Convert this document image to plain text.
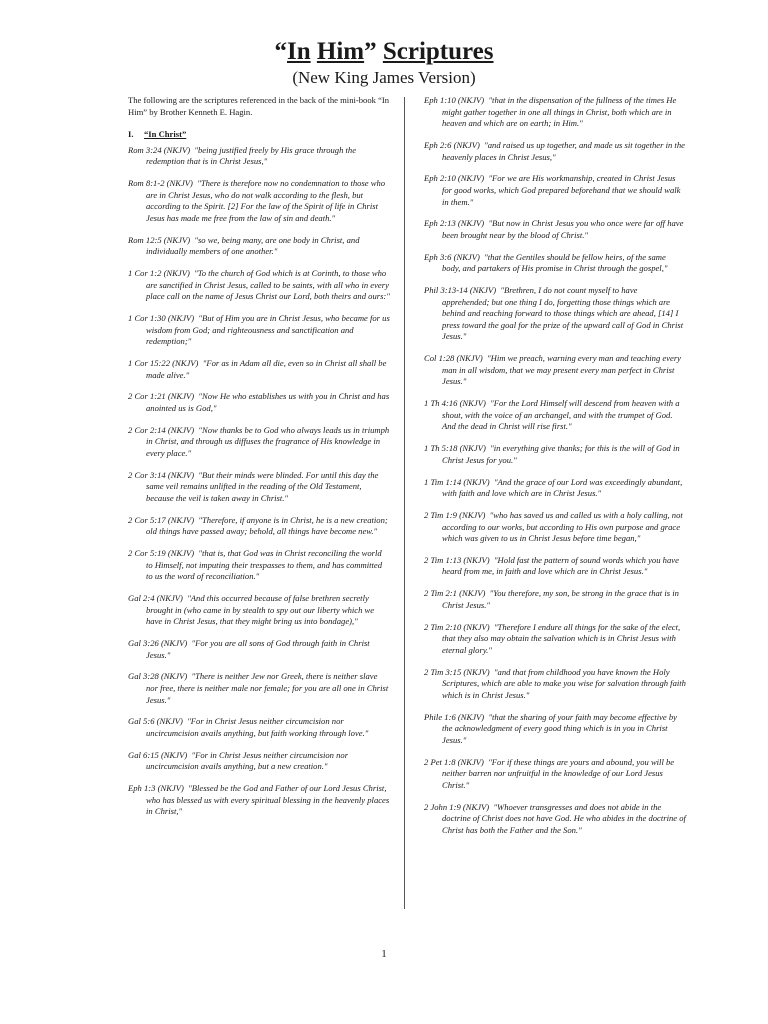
“In Him” Scriptures
(New King James Version)
The following are the scriptures referenced in the back of the mini-book “In Him” by Brother Kenneth E. Hagin.
I. “In Christ”
Rom 3:24 (NKJV) "being justified freely by His grace through the redemption that is in Christ Jesus,"
Rom 8:1-2 (NKJV) "There is therefore now no condemnation to those who are in Christ Jesus, who do not walk according to the flesh, but according to the Spirit. [2] For the law of the Spirit of life in Christ Jesus has made me free from the law of sin and death."
Rom 12:5 (NKJV) "so we, being many, are one body in Christ, and individually members of one another."
1 Cor 1:2 (NKJV) "To the church of God which is at Corinth, to those who are sanctified in Christ Jesus, called to be saints, with all who in every place call on the name of Jesus Christ our Lord, both theirs and ours:"
1 Cor 1:30 (NKJV) "But of Him you are in Christ Jesus, who became for us wisdom from God; and righteousness and sanctification and redemption;"
1 Cor 15:22 (NKJV) "For as in Adam all die, even so in Christ all shall be made alive."
2 Cor 1:21 (NKJV) "Now He who establishes us with you in Christ and has anointed us is God,"
2 Cor 2:14 (NKJV) "Now thanks be to God who always leads us in triumph in Christ, and through us diffuses the fragrance of His knowledge in every place."
2 Cor 3:14 (NKJV) "But their minds were blinded. For until this day the same veil remains unlifted in the reading of the Old Testament, because the veil is taken away in Christ."
2 Cor 5:17 (NKJV) "Therefore, if anyone is in Christ, he is a new creation; old things have passed away; behold, all things have become new."
2 Cor 5:19 (NKJV) "that is, that God was in Christ reconciling the world to Himself, not imputing their trespasses to them, and has committed to us the word of reconciliation."
Gal 2:4 (NKJV) "And this occurred because of false brethren secretly brought in (who came in by stealth to spy out our liberty which we have in Christ Jesus, that they might bring us into bondage),"
Gal 3:26 (NKJV) "For you are all sons of God through faith in Christ Jesus."
Gal 3:28 (NKJV) "There is neither Jew nor Greek, there is neither slave nor free, there is neither male nor female; for you are all one in Christ Jesus."
Gal 5:6 (NKJV) "For in Christ Jesus neither circumcision nor uncircumcision avails anything, but faith working through love."
Gal 6:15 (NKJV) "For in Christ Jesus neither circumcision nor uncircumcision avails anything, but a new creation."
Eph 1:3 (NKJV) "Blessed be the God and Father of our Lord Jesus Christ, who has blessed us with every spiritual blessing in the heavenly places in Christ,"
Eph 1:10 (NKJV) "that in the dispensation of the fullness of the times He might gather together in one all things in Christ, both which are in heaven and which are on earth; in Him."
Eph 2:6 (NKJV) "and raised us up together, and made us sit together in the heavenly places in Christ Jesus,"
Eph 2:10 (NKJV) "For we are His workmanship, created in Christ Jesus for good works, which God prepared beforehand that we should walk in them."
Eph 2:13 (NKJV) "But now in Christ Jesus you who once were far off have been brought near by the blood of Christ."
Eph 3:6 (NKJV) "that the Gentiles should be fellow heirs, of the same body, and partakers of His promise in Christ through the gospel,"
Phil 3:13-14 (NKJV) "Brethren, I do not count myself to have apprehended; but one thing I do, forgetting those things which are behind and reaching forward to those things which are ahead, [14] I press toward the goal for the prize of the upward call of God in Christ Jesus."
Col 1:28 (NKJV) "Him we preach, warning every man and teaching every man in all wisdom, that we may present every man perfect in Christ Jesus."
1 Th 4:16 (NKJV) "For the Lord Himself will descend from heaven with a shout, with the voice of an archangel, and with the trumpet of God. And the dead in Christ will rise first."
1 Th 5:18 (NKJV) "in everything give thanks; for this is the will of God in Christ Jesus for you."
1 Tim 1:14 (NKJV) "And the grace of our Lord was exceedingly abundant, with faith and love which are in Christ Jesus."
2 Tim 1:9 (NKJV) "who has saved us and called us with a holy calling, not according to our works, but according to His own purpose and grace which was given to us in Christ Jesus before time began,"
2 Tim 1:13 (NKJV) "Hold fast the pattern of sound words which you have heard from me, in faith and love which are in Christ Jesus."
2 Tim 2:1 (NKJV) "You therefore, my son, be strong in the grace that is in Christ Jesus."
2 Tim 2:10 (NKJV) "Therefore I endure all things for the sake of the elect, that they also may obtain the salvation which is in Christ Jesus with eternal glory."
2 Tim 3:15 (NKJV) "and that from childhood you have known the Holy Scriptures, which are able to make you wise for salvation through faith which is in Christ Jesus."
Phile 1:6 (NKJV) "that the sharing of your faith may become effective by the acknowledgment of every good thing which is in you in Christ Jesus."
2 Pet 1:8 (NKJV) "For if these things are yours and abound, you will be neither barren nor unfruitful in the knowledge of our Lord Jesus Christ."
2 John 1:9 (NKJV) "Whoever transgresses and does not abide in the doctrine of Christ does not have God. He who abides in the doctrine of Christ has both the Father and the Son."
1
